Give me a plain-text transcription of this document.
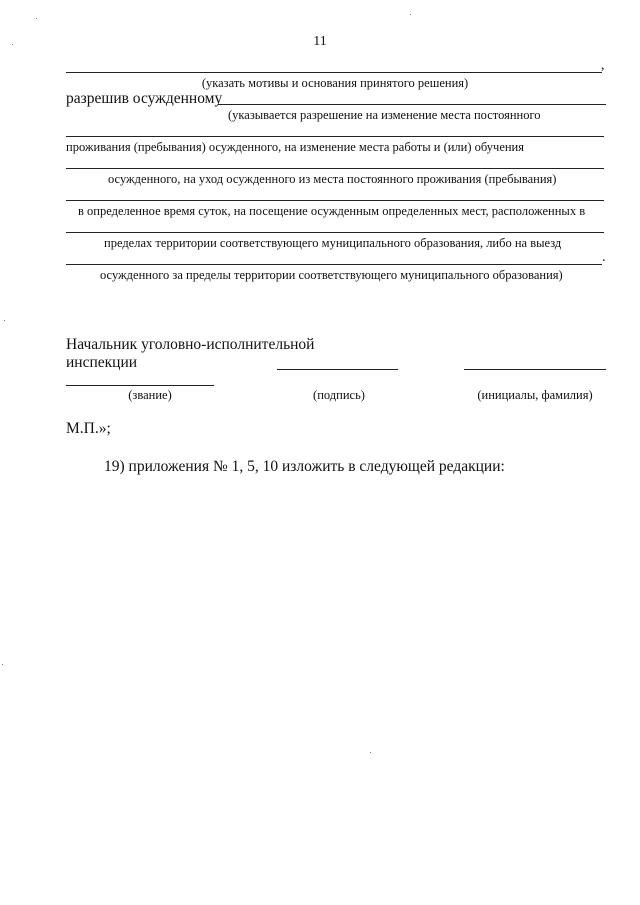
11
,
(указать мотивы и основания принятого решения)
разрешив осужденному
(указывается разрешение на изменение места постоянного
проживания (пребывания) осужденного, на изменение места работы и (или) обучения
осужденного, на уход осужденного из места постоянного проживания (пребывания)
в определенное время суток, на посещение осужденным определенных мест, расположенных в
пределах территории соответствующего муниципального образования, либо на выезд
.
осужденного за пределы территории соответствующего муниципального образования)
Начальник уголовно-исполнительной
инспекции
(звание)	(подпись)	(инициалы, фамилия)
М.П.»;
19) приложения № 1, 5, 10 изложить в следующей редакции:
